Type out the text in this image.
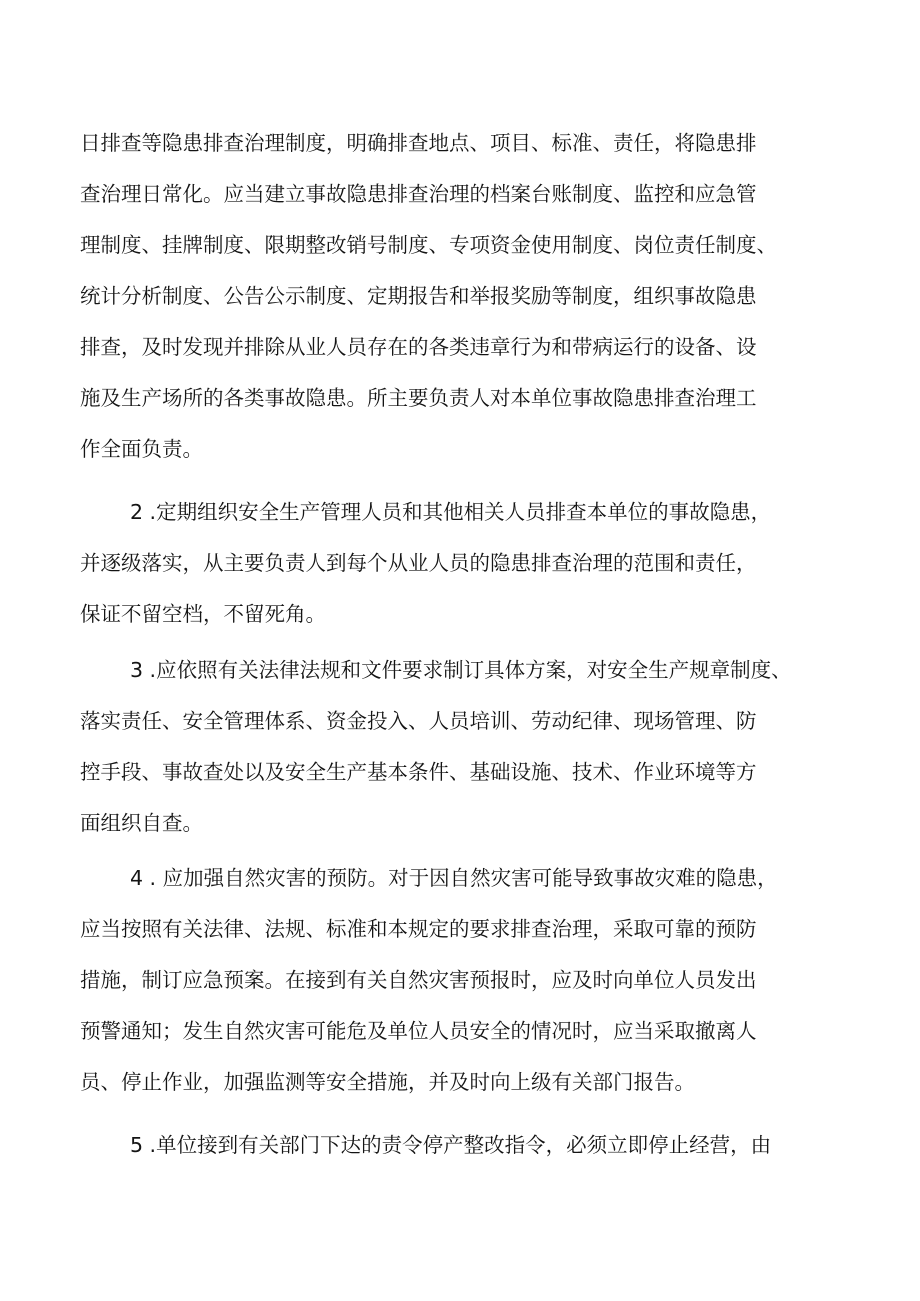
日排查等隐患排查治理制度，明确排查地点、项目、标准、责任，将隐患排
查治理日常化。应当建立事故隐患排查治理的档案台账制度、监控和应急管
理制度、挂牌制度、限期整改销号制度、专项资金使用制度、岗位责任制度、
统计分析制度、公告公示制度、定期报告和举报奖励等制度，组织事故隐患
排查，及时发现并排除从业人员存在的各类违章行为和带病运行的设备、设
施及生产场所的各类事故隐患。所主要负责人对本单位事故隐患排查治理工
作全面负责。
2 .定期组织安全生产管理人员和其他相关人员排查本单位的事故隐患，
并逐级落实，从主要负责人到每个从业人员的隐患排查治理的范围和责任，
保证不留空档，不留死角。
3 .应依照有关法律法规和文件要求制订具体方案，对安全生产规章制度、
落实责任、安全管理体系、资金投入、人员培训、劳动纪律、现场管理、防
控手段、事故查处以及安全生产基本条件、基础设施、技术、作业环境等方
面组织自查。
4 . 应加强自然灾害的预防。对于因自然灾害可能导致事故灾难的隐患，
应当按照有关法律、法规、标准和本规定的要求排查治理，采取可靠的预防
措施，制订应急预案。在接到有关自然灾害预报时，应及时向单位人员发出
预警通知；发生自然灾害可能危及单位人员安全的情况时，应当采取撤离人
员、停止作业，加强监测等安全措施，并及时向上级有关部门报告。
5 .单位接到有关部门下达的责令停产整改指令，必须立即停止经营，由
